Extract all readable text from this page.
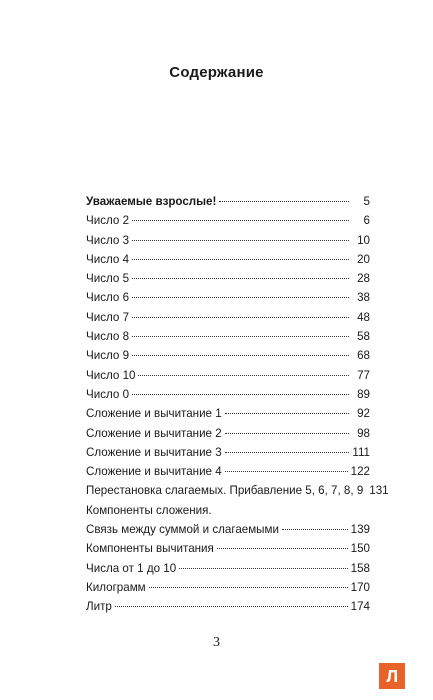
Содержание
Уважаемые взрослые!	5
Число 2	6
Число 3	10
Число 4	20
Число 5	28
Число 6	38
Число 7	48
Число 8	58
Число 9	68
Число 10	77
Число 0	89
Сложение и вычитание 1	92
Сложение и вычитание 2	98
Сложение и вычитание 3	111
Сложение и вычитание 4	122
Перестановка слагаемых. Прибавление 5, 6, 7, 8, 9 131
Компоненты сложения.
Связь между суммой и слагаемыми	139
Компоненты вычитания	150
Числа от 1 до 10	158
Килограмм	170
Литр	174
3
